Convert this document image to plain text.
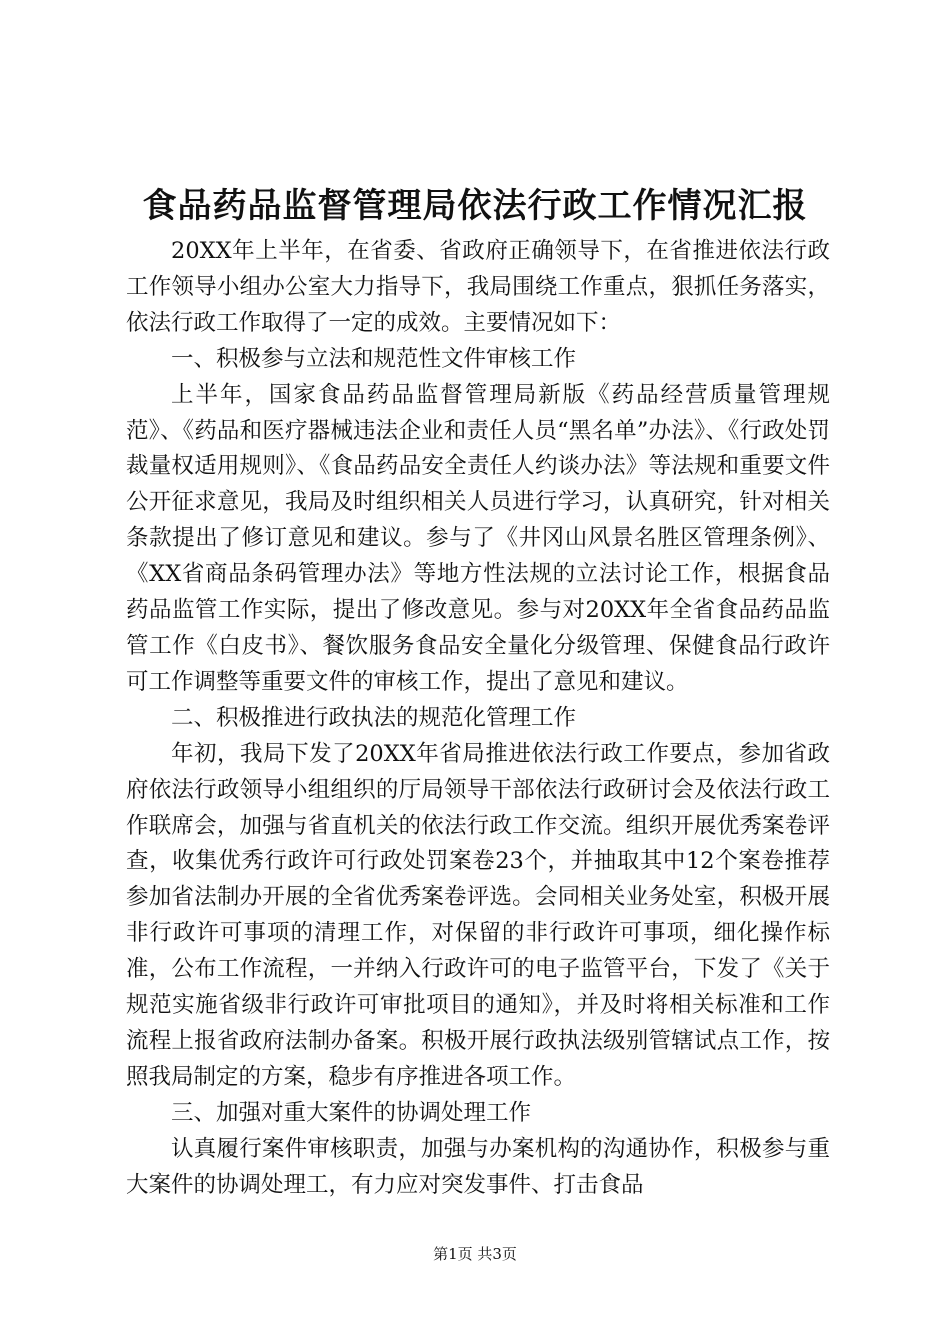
食品药品监督管理局依法行政工作情况汇报

20XX年上半年，在省委、省政府正确领导下，在省推进依法行政工作领导小组办公室大力指导下，我局围绕工作重点，狠抓任务落实，依法行政工作取得了一定的成效。主要情况如下：

一、积极参与立法和规范性文件审核工作

上半年，国家食品药品监督管理局新版《药品经营质量管理规范》、《药品和医疗器械违法企业和责任人员“黑名单”办法》、《行政处罚裁量权适用规则》、《食品药品安全责任人约谈办法》等法规和重要文件公开征求意见，我局及时组织相关人员进行学习，认真研究，针对相关条款提出了修订意见和建议。参与了《井冈山风景名胜区管理条例》、《XX省商品条码管理办法》等地方性法规的立法讨论工作，根据食品药品监管工作实际，提出了修改意见。参与对20XX年全省食品药品监管工作《白皮书》、餐饮服务食品安全量化分级管理、保健食品行政许可工作调整等重要文件的审核工作，提出了意见和建议。

二、积极推进行政执法的规范化管理工作

年初，我局下发了20XX年省局推进依法行政工作要点，参加省政府依法行政领导小组组织的厅局领导干部依法行政研讨会及依法行政工作联席会，加强与省直机关的依法行政工作交流。组织开展优秀案卷评查，收集优秀行政许可行政处罚案卷23个，并抽取其中12个案卷推荐参加省法制办开展的全省优秀案卷评选。会同相关业务处室，积极开展非行政许可事项的清理工作，对保留的非行政许可事项，细化操作标准，公布工作流程，一并纳入行政许可的电子监管平台，下发了《关于规范实施省级非行政许可审批项目的通知》，并及时将相关标准和工作流程上报省政府法制办备案。积极开展行政执法级别管辖试点工作，按照我局制定的方案，稳步有序推进各项工作。

三、加强对重大案件的协调处理工作

认真履行案件审核职责，加强与办案机构的沟通协作，积极参与重大案件的协调处理工，有力应对突发事件、打击食品

第1页 共3页
